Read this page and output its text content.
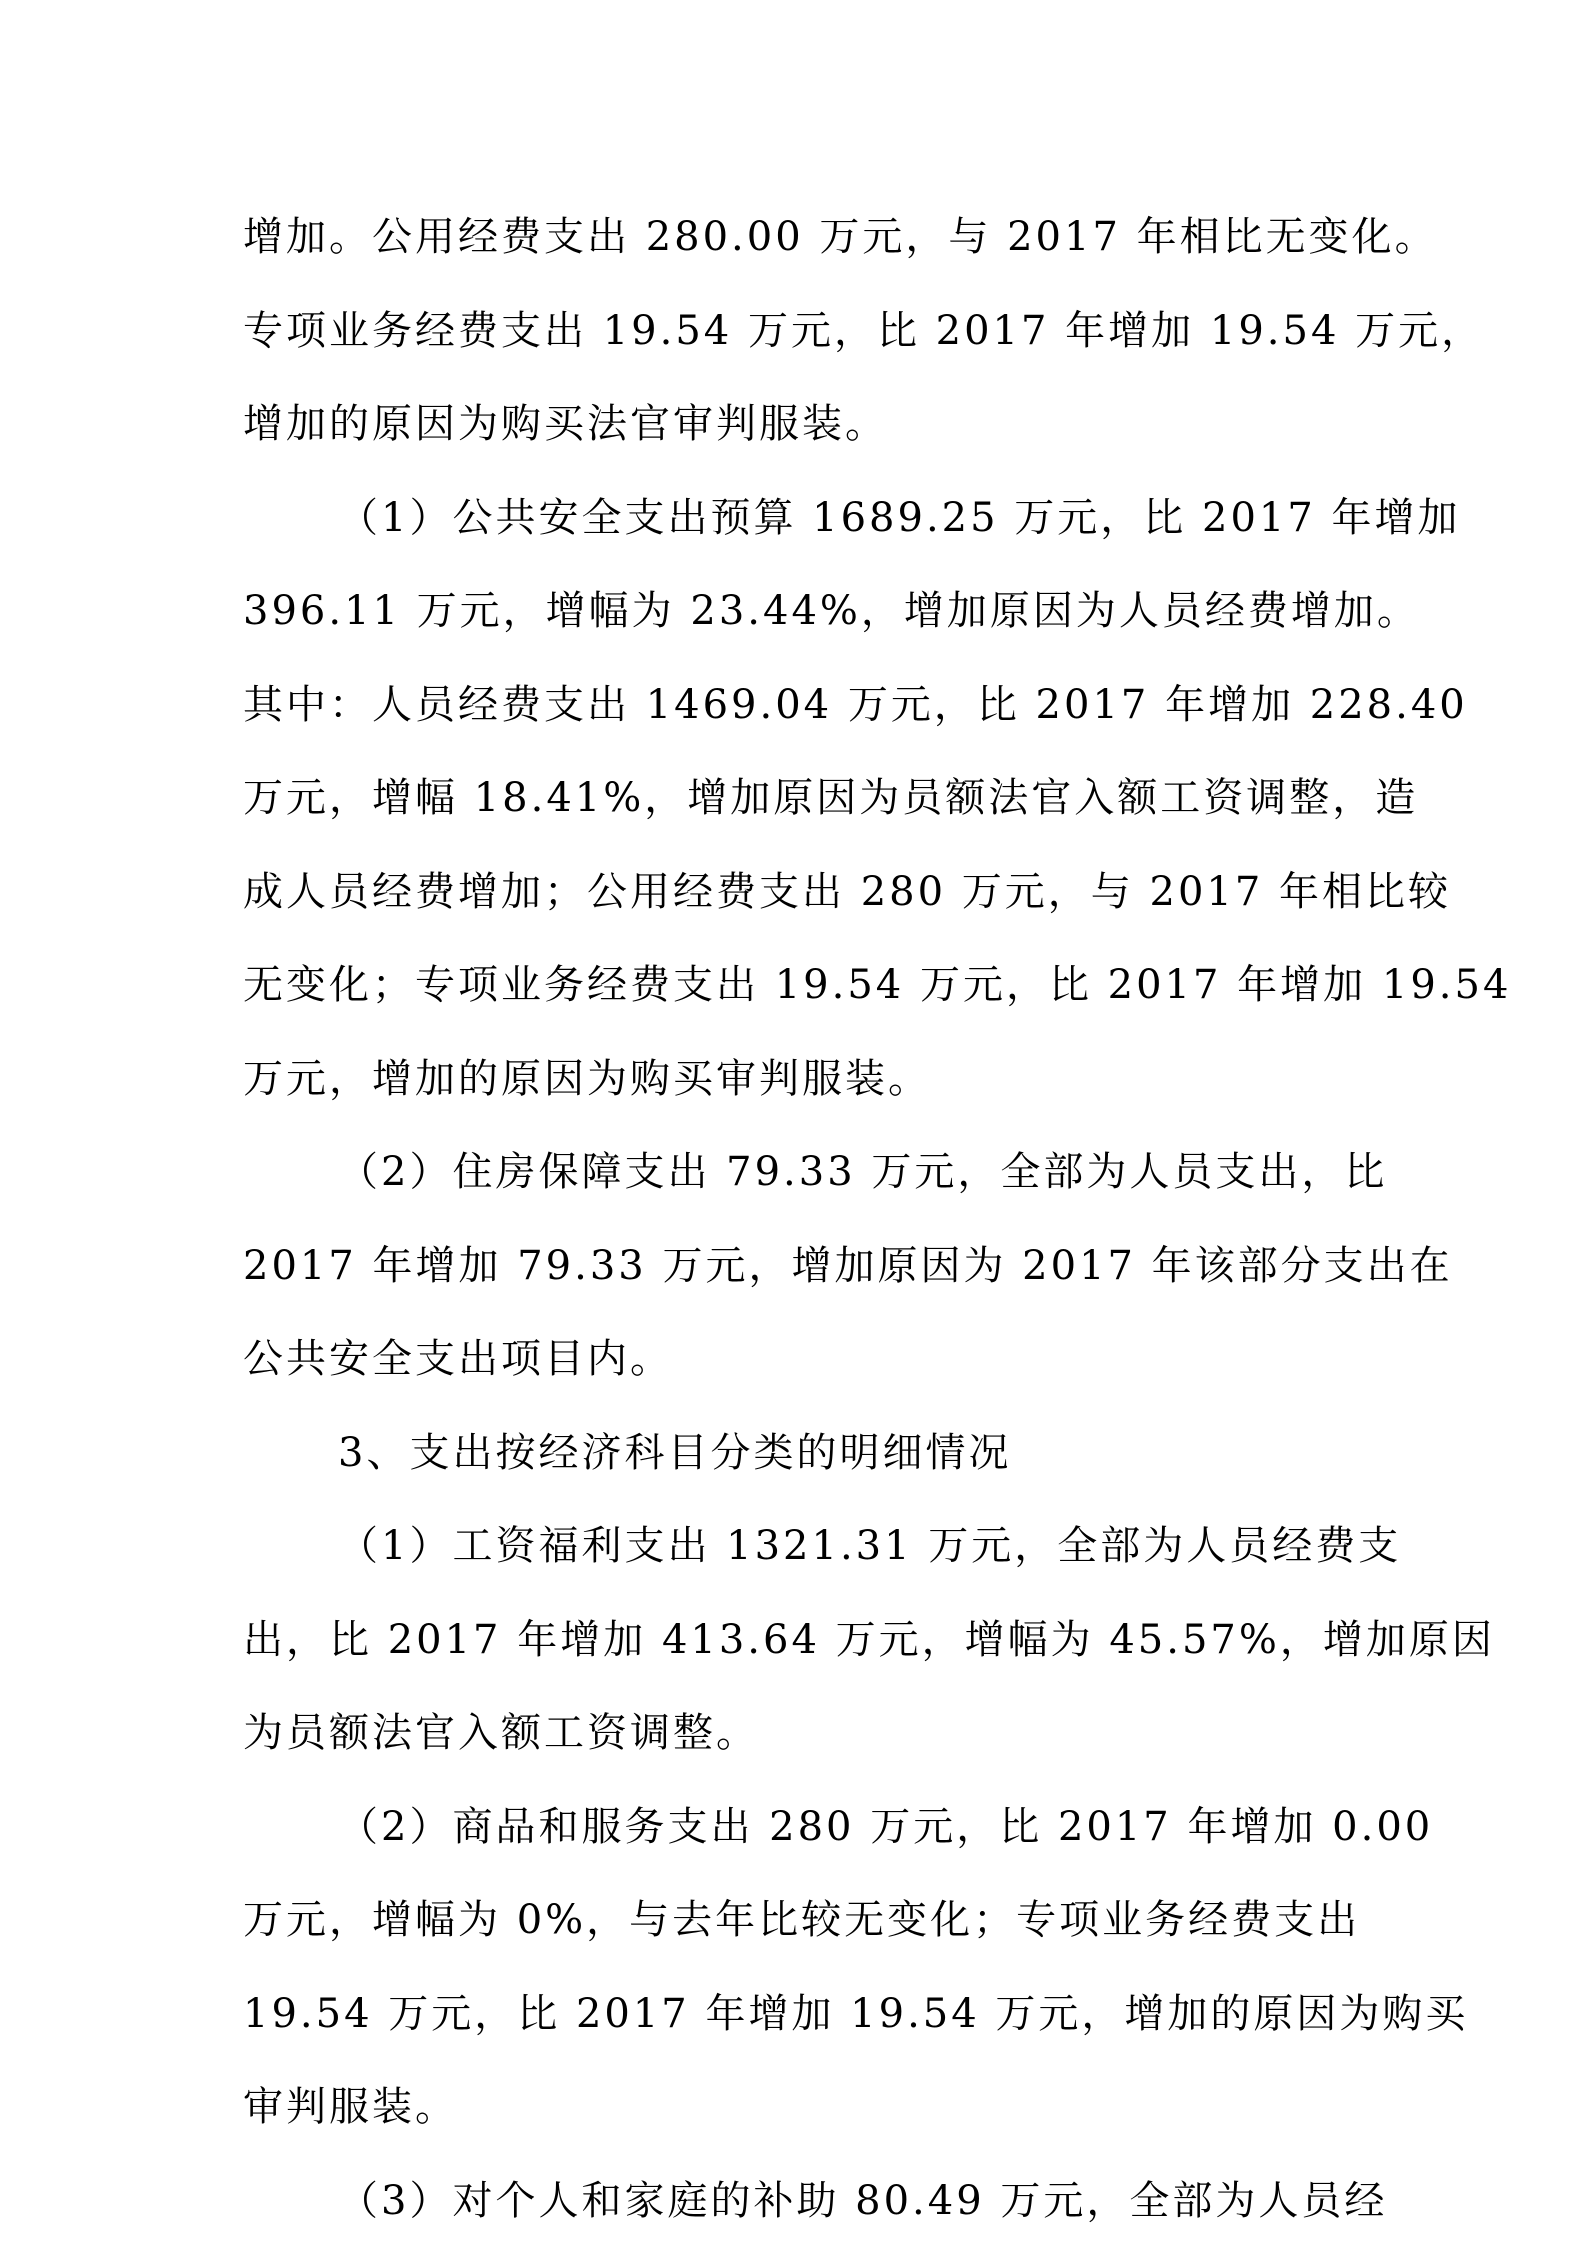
增加。公用经费支出 280.00 万元，与 2017 年相比无变化。
专项业务经费支出 19.54 万元，比 2017 年增加 19.54 万元，
增加的原因为购买法官审判服装。
（1）公共安全支出预算 1689.25 万元，比 2017 年增加
396.11 万元，增幅为 23.44%，增加原因为人员经费增加。
其中：人员经费支出 1469.04 万元，比 2017 年增加 228.40
万元，增幅 18.41%，增加原因为员额法官入额工资调整，造
成人员经费增加；公用经费支出 280 万元，与 2017 年相比较
无变化；专项业务经费支出 19.54 万元，比 2017 年增加 19.54
万元，增加的原因为购买审判服装。
（2）住房保障支出 79.33 万元，全部为人员支出，比
2017 年增加 79.33 万元，增加原因为 2017 年该部分支出在
公共安全支出项目内。
3、支出按经济科目分类的明细情况
（1）工资福利支出 1321.31 万元，全部为人员经费支
出，比 2017 年增加 413.64 万元，增幅为 45.57%，增加原因
为员额法官入额工资调整。
（2）商品和服务支出 280 万元，比 2017 年增加 0.00
万元，增幅为 0%，与去年比较无变化；专项业务经费支出
19.54 万元，比 2017 年增加 19.54 万元，增加的原因为购买
审判服装。
（3）对个人和家庭的补助 80.49 万元，全部为人员经
